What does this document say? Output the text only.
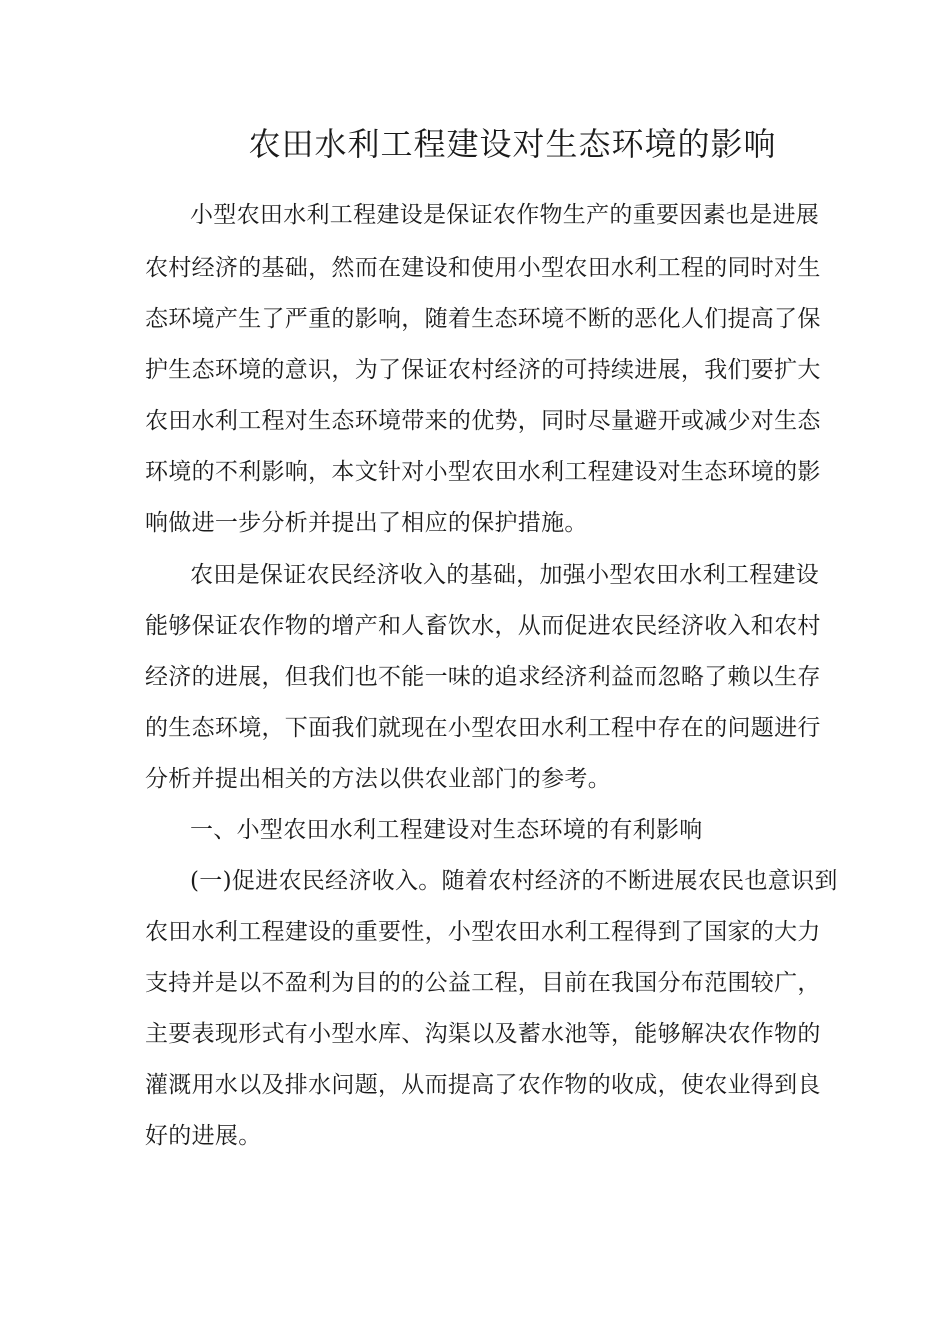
农田水利工程建设对生态环境的影响
小型农田水利工程建设是保证农作物生产的重要因素也是进展
农村经济的基础，然而在建设和使用小型农田水利工程的同时对生
态环境产生了严重的影响，随着生态环境不断的恶化人们提高了保
护生态环境的意识，为了保证农村经济的可持续进展，我们要扩大
农田水利工程对生态环境带来的优势，同时尽量避开或减少对生态
环境的不利影响，本文针对小型农田水利工程建设对生态环境的影
响做进一步分析并提出了相应的保护措施。
农田是保证农民经济收入的基础，加强小型农田水利工程建设
能够保证农作物的增产和人畜饮水，从而促进农民经济收入和农村
经济的进展，但我们也不能一味的追求经济利益而忽略了赖以生存
的生态环境，下面我们就现在小型农田水利工程中存在的问题进行
分析并提出相关的方法以供农业部门的参考。
一、小型农田水利工程建设对生态环境的有利影响
(一)促进农民经济收入。随着农村经济的不断进展农民也意识到
农田水利工程建设的重要性，小型农田水利工程得到了国家的大力
支持并是以不盈利为目的的公益工程，目前在我国分布范围较广，
主要表现形式有小型水库、沟渠以及蓄水池等，能够解决农作物的
灌溉用水以及排水问题，从而提高了农作物的收成，使农业得到良
好的进展。
